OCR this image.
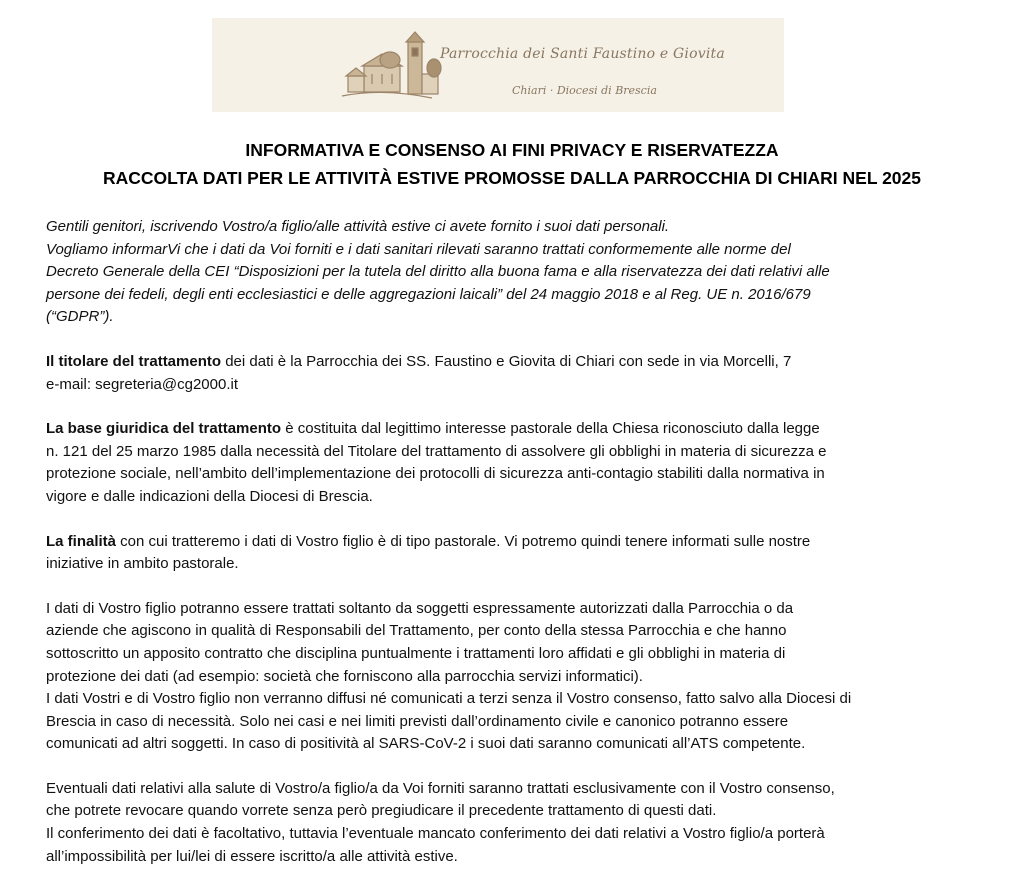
Parrocchia dei Santi Faustino e Giovita
Chiari · Diocesi di Brescia
INFORMATIVA E CONSENSO AI FINI PRIVACY E RISERVATEZZA
RACCOLTA DATI PER LE ATTIVITÀ ESTIVE PROMOSSE DALLA PARROCCHIA DI CHIARI NEL 2025

Gentili genitori, iscrivendo Vostro/a figlio/alle attività estive ci avete fornito i suoi dati personali.
Vogliamo informarVi che i dati da Voi forniti e i dati sanitari rilevati saranno trattati conformemente alle norme del
Decreto Generale della CEI “Disposizioni per la tutela del diritto alla buona fama e alla riservatezza dei dati relativi alle
persone dei fedeli, degli enti ecclesiastici e delle aggregazioni laicali” del 24 maggio 2018 e al Reg. UE n. 2016/679
(“GDPR”).

Il titolare del trattamento dei dati è la Parrocchia dei SS. Faustino e Giovita di Chiari con sede in via Morcelli, 7
e-mail: segreteria@cg2000.it

La base giuridica del trattamento è costituita dal legittimo interesse pastorale della Chiesa riconosciuto dalla legge
n. 121 del 25 marzo 1985 dalla necessità del Titolare del trattamento di assolvere gli obblighi in materia di sicurezza e
protezione sociale, nell’ambito dell’implementazione dei protocolli di sicurezza anti-contagio stabiliti dalla normativa in
vigore e dalle indicazioni della Diocesi di Brescia.

La finalità con cui tratteremo i dati di Vostro figlio è di tipo pastorale. Vi potremo quindi tenere informati sulle nostre
iniziative in ambito pastorale.

I dati di Vostro figlio potranno essere trattati soltanto da soggetti espressamente autorizzati dalla Parrocchia o da
aziende che agiscono in qualità di Responsabili del Trattamento, per conto della stessa Parrocchia e che hanno
sottoscritto un apposito contratto che disciplina puntualmente i trattamenti loro affidati e gli obblighi in materia di
protezione dei dati (ad esempio: società che forniscono alla parrocchia servizi informatici).
I dati Vostri e di Vostro figlio non verranno diffusi né comunicati a terzi senza il Vostro consenso, fatto salvo alla Diocesi di
Brescia in caso di necessità. Solo nei casi e nei limiti previsti dall’ordinamento civile e canonico potranno essere
comunicati ad altri soggetti. In caso di positività al SARS-CoV-2 i suoi dati saranno comunicati all’ATS competente.

Eventuali dati relativi alla salute di Vostro/a figlio/a da Voi forniti saranno trattati esclusivamente con il Vostro consenso,
che potrete revocare quando vorrete senza però pregiudicare il precedente trattamento di questi dati.
Il conferimento dei dati è facoltativo, tuttavia l’eventuale mancato conferimento dei dati relativi a Vostro figlio/a porterà
all’impossibilità per lui/lei di essere iscritto/a alle attività estive.
